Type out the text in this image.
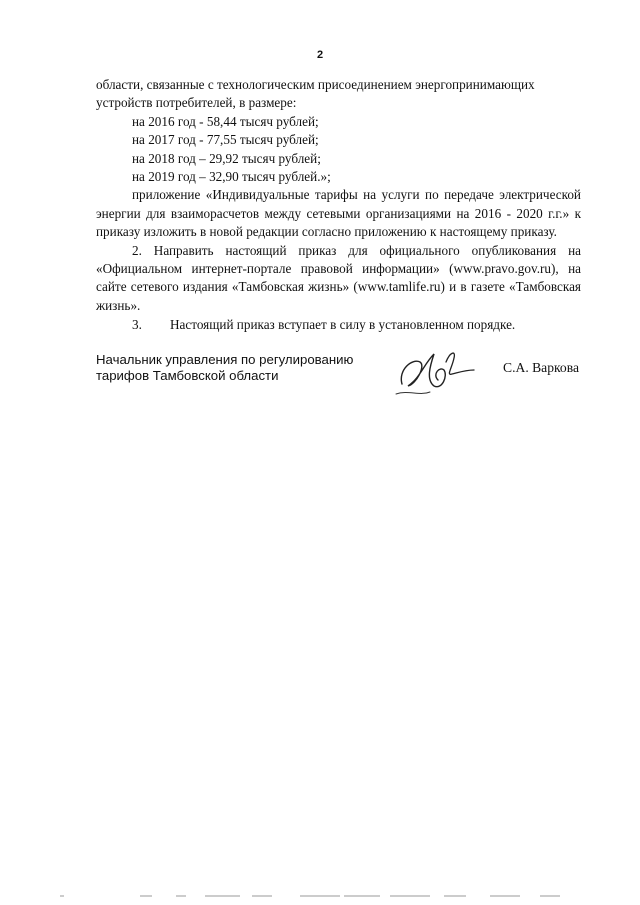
2
области, связанные с технологическим присоединением энергопринимающих
устройств потребителей, в размере:
на 2016 год - 58,44 тысяч рублей;
на 2017 год - 77,55 тысяч рублей;
на 2018 год – 29,92 тысяч рублей;
на 2019 год – 32,90 тысяч рублей.»;
приложение «Индивидуальные тарифы на услуги по передаче электрической энергии для взаиморасчетов между сетевыми организациями на 2016 - 2020 г.г.» к приказу изложить в новой редакции согласно приложению к настоящему приказу.
2. Направить настоящий приказ для официального опубликования на «Официальном интернет-портале правовой информации» (www.pravo.gov.ru), на сайте сетевого издания «Тамбовская жизнь» (www.tamlife.ru) и в газете «Тамбовская жизнь».
3. Настоящий приказ вступает в силу в установленном порядке.
Начальник управления по регулированию
тарифов Тамбовской области
С.А. Варкова
